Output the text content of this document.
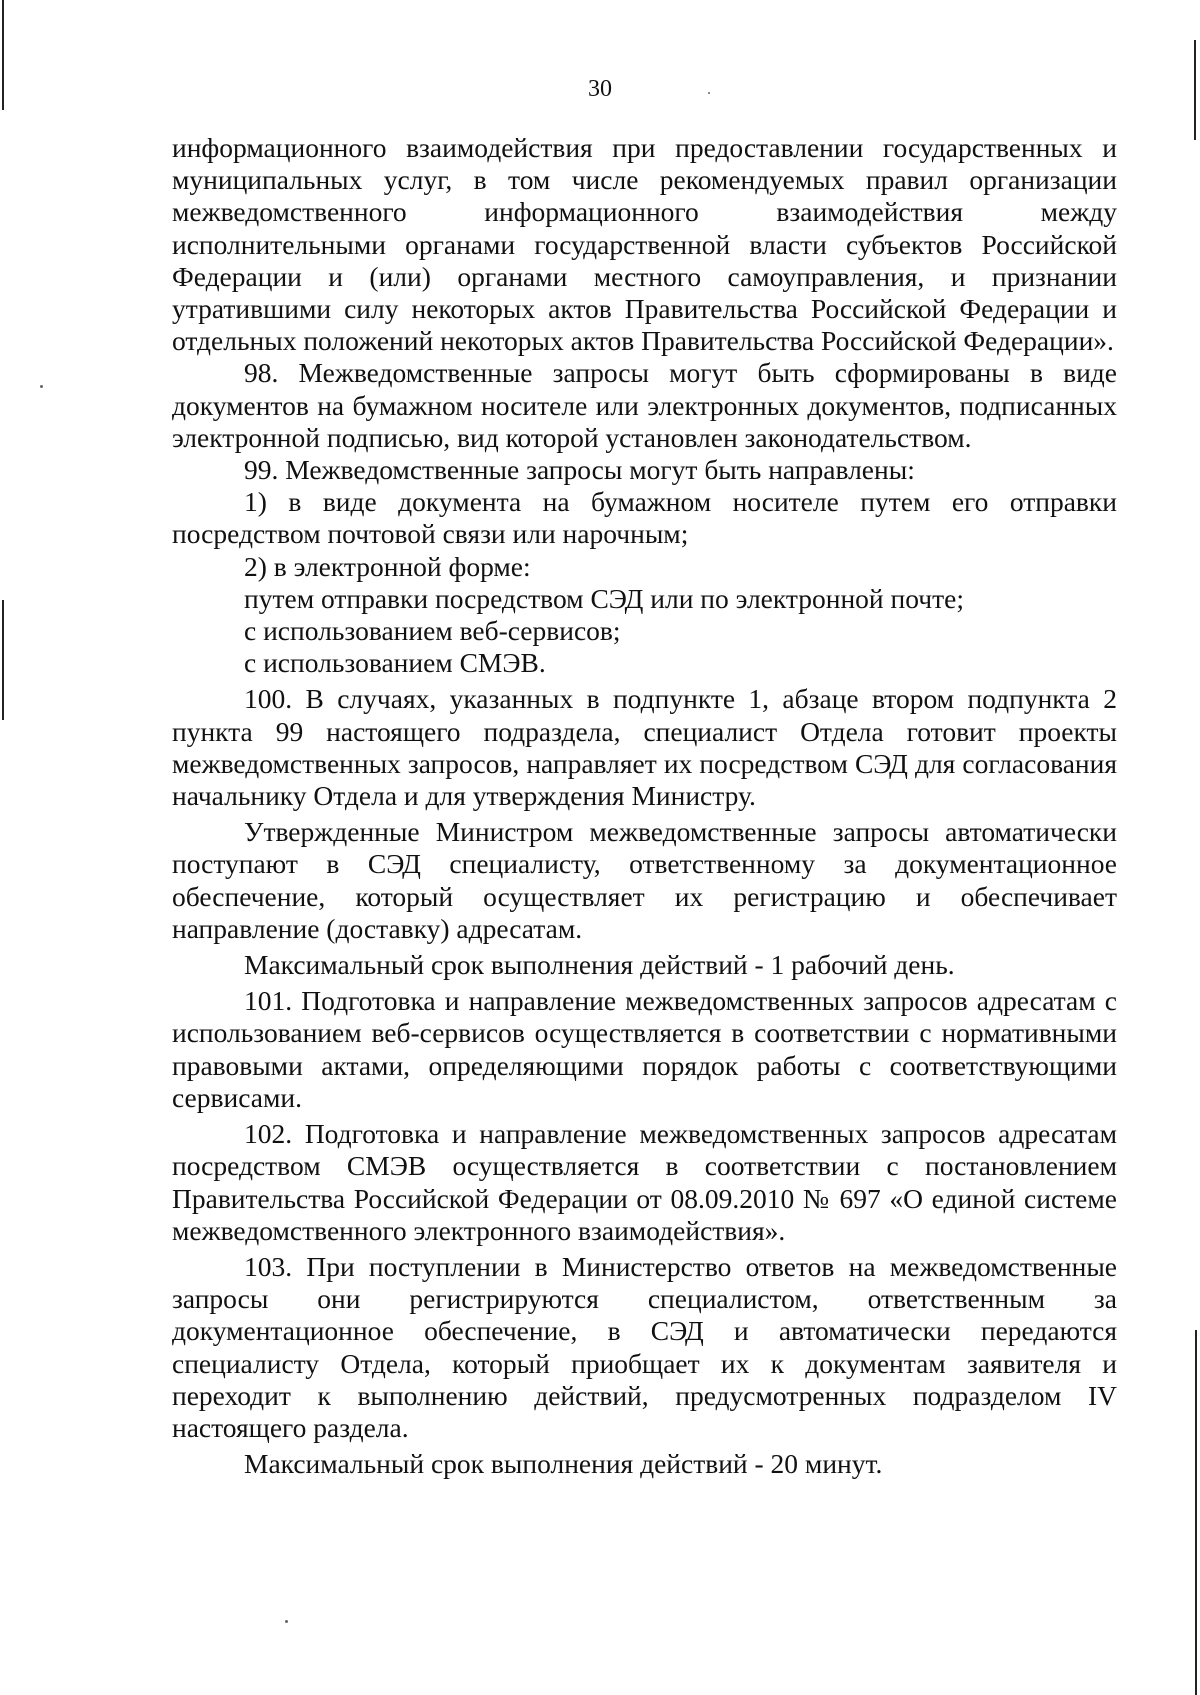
30

информационного взаимодействия при предоставлении государственных и муниципальных услуг, в том числе рекомендуемых правил организации межведомственного информационного взаимодействия между исполнительными органами государственной власти субъектов Российской Федерации и (или) органами местного самоуправления, и признании утратившими силу некоторых актов Правительства Российской Федерации и отдельных положений некоторых актов Правительства Российской Федерации».

98. Межведомственные запросы могут быть сформированы в виде документов на бумажном носителе или электронных документов, подписанных электронной подписью, вид которой установлен законодательством.

99. Межведомственные запросы могут быть направлены:

1) в виде документа на бумажном носителе путем его отправки посредством почтовой связи или нарочным;

2) в электронной форме:

путем отправки посредством СЭД или по электронной почте;

с использованием веб-сервисов;

с использованием СМЭВ.

100. В случаях, указанных в подпункте 1, абзаце втором подпункта 2 пункта 99 настоящего подраздела, специалист Отдела готовит проекты межведомственных запросов, направляет их посредством СЭД для согласования начальнику Отдела и для утверждения Министру.

Утвержденные Министром межведомственные запросы автоматически поступают в СЭД специалисту, ответственному за документационное обеспечение, который осуществляет их регистрацию и обеспечивает направление (доставку) адресатам.

Максимальный срок выполнения действий - 1 рабочий день.

101. Подготовка и направление межведомственных запросов адресатам с использованием веб-сервисов осуществляется в соответствии с нормативными правовыми актами, определяющими порядок работы с соответствующими сервисами.

102. Подготовка и направление межведомственных запросов адресатам посредством СМЭВ осуществляется в соответствии с постановлением Правительства Российской Федерации от 08.09.2010 № 697 «О единой системе межведомственного электронного взаимодействия».

103. При поступлении в Министерство ответов на межведомственные запросы они регистрируются специалистом, ответственным за документационное обеспечение, в СЭД и автоматически передаются специалисту Отдела, который приобщает их к документам заявителя и переходит к выполнению действий, предусмотренных подразделом IV настоящего раздела.

Максимальный срок выполнения действий - 20 минут.
